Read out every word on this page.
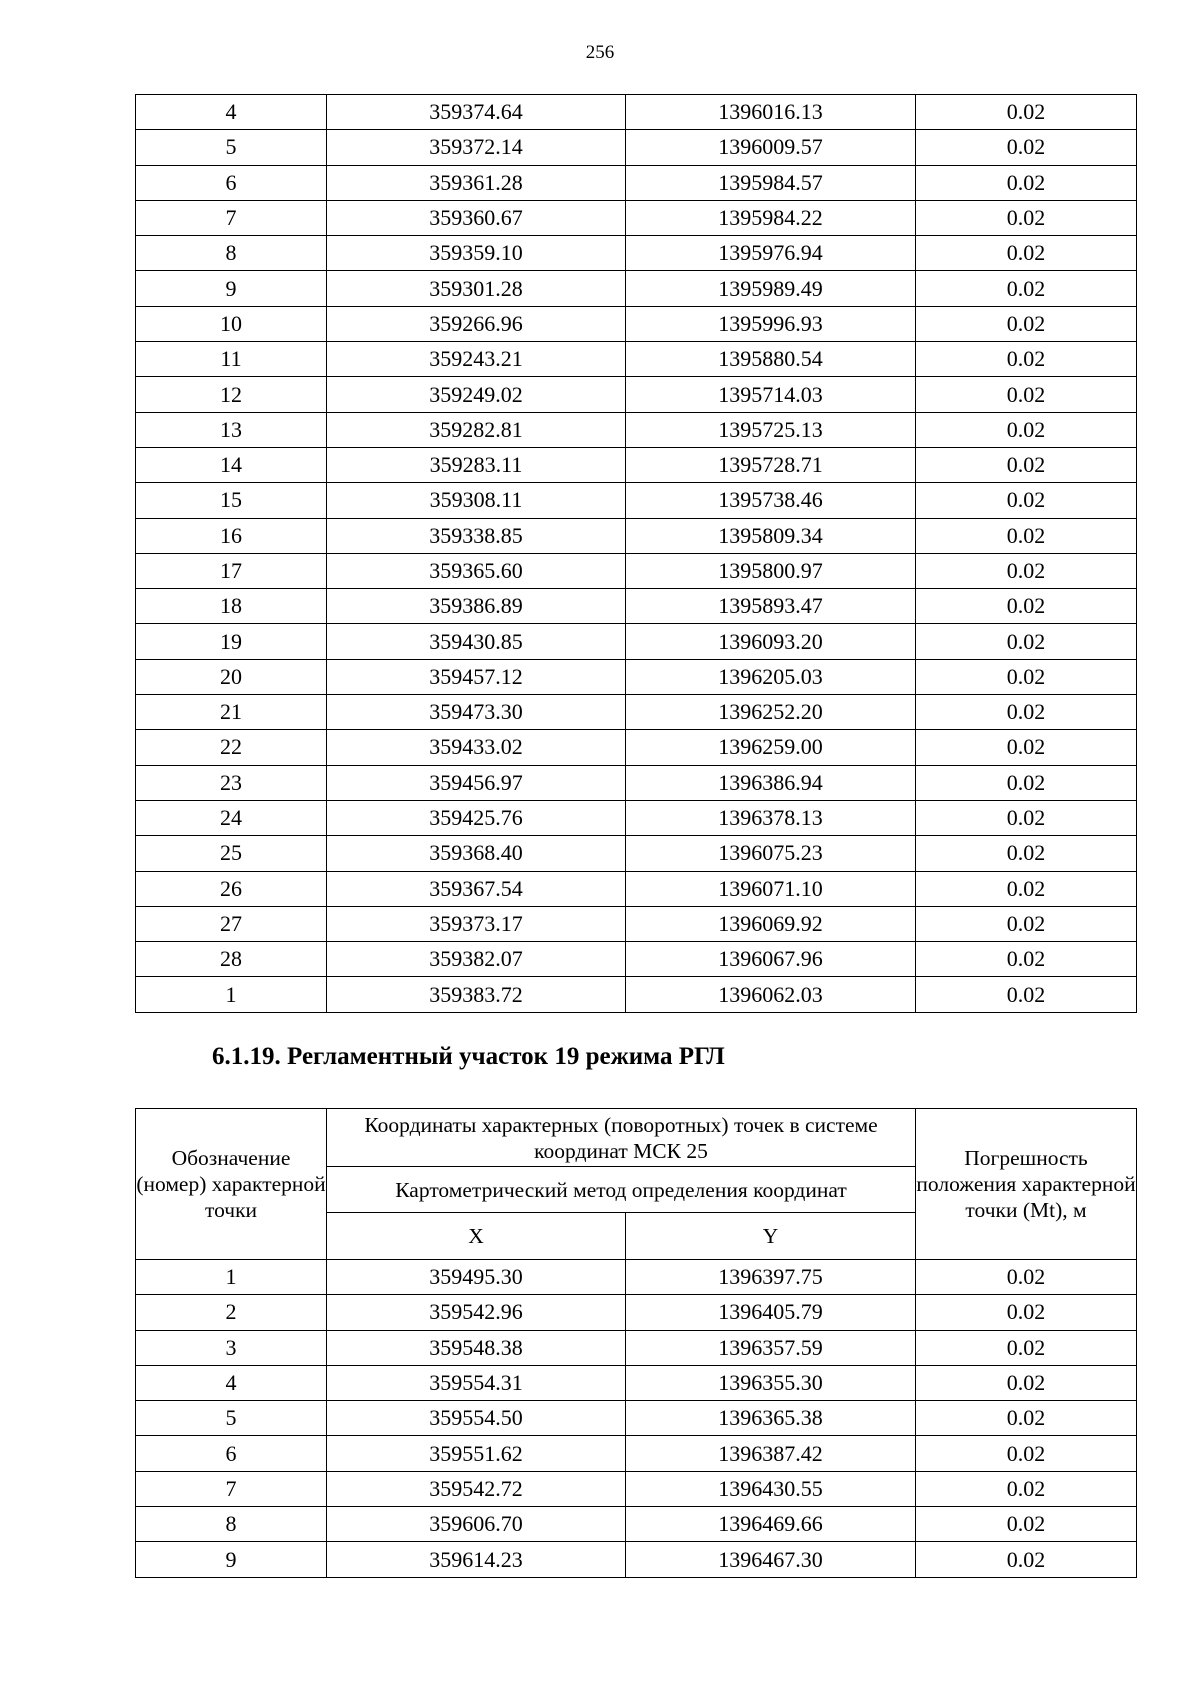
256
4	359374.64	1396016.13	0.02
5	359372.14	1396009.57	0.02
6	359361.28	1395984.57	0.02
7	359360.67	1395984.22	0.02
8	359359.10	1395976.94	0.02
9	359301.28	1395989.49	0.02
10	359266.96	1395996.93	0.02
11	359243.21	1395880.54	0.02
12	359249.02	1395714.03	0.02
13	359282.81	1395725.13	0.02
14	359283.11	1395728.71	0.02
15	359308.11	1395738.46	0.02
16	359338.85	1395809.34	0.02
17	359365.60	1395800.97	0.02
18	359386.89	1395893.47	0.02
19	359430.85	1396093.20	0.02
20	359457.12	1396205.03	0.02
21	359473.30	1396252.20	0.02
22	359433.02	1396259.00	0.02
23	359456.97	1396386.94	0.02
24	359425.76	1396378.13	0.02
25	359368.40	1396075.23	0.02
26	359367.54	1396071.10	0.02
27	359373.17	1396069.92	0.02
28	359382.07	1396067.96	0.02
1	359383.72	1396062.03	0.02
6.1.19. Регламентный участок 19 режима РГЛ
Обозначение (номер) характерной точки	Координаты характерных (поворотных) точек в системе координат МСК 25		Погрешность положения характерной точки (Mt), м
	Картометрический метод определения координат		
	X	Y	
1	359495.30	1396397.75	0.02
2	359542.96	1396405.79	0.02
3	359548.38	1396357.59	0.02
4	359554.31	1396355.30	0.02
5	359554.50	1396365.38	0.02
6	359551.62	1396387.42	0.02
7	359542.72	1396430.55	0.02
8	359606.70	1396469.66	0.02
9	359614.23	1396467.30	0.02
